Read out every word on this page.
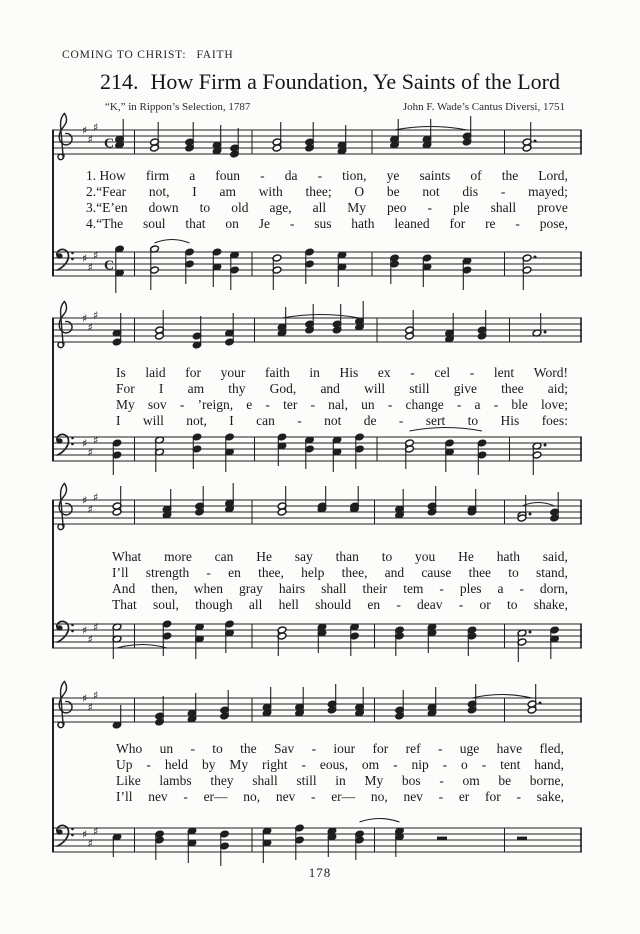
COMING TO CHRIST: FAITH
214. How Firm a Foundation, Ye Saints of the Lord
“K,” in Rippon’s Selection, 1787	John F. Wade’s Cantus Diversi, 1751
♯
♯
♯
C
1. How firm a foun - da - tion, ye saints of the Lord,
2.“Fear not, I am with thee; O be not dis - mayed;
3.“E’en down to old age, all My peo - ple shall prove
4.“The soul that on Je - sus hath leaned for re - pose,
♯
♯
♯
C
♯
♯
♯
Is laid for your faith in His ex - cel - lent Word!
For I am thy God, and will still give thee aid;
My sov - ’reign, e - ter - nal, un - change - a - ble love;
I will not, I can - not de - sert to His foes:
♯
♯
♯
♯
♯
♯
What more can He say than to you He hath said,
I’ll strength - en thee, help thee, and cause thee to stand,
And then, when gray hairs shall their tem - ples a - dorn,
That soul, though all hell should en - deav - or to shake,
♯
♯
♯
♯
♯
♯
Who un - to the Sav - iour for ref - uge have fled,
Up - held by My right - eous, om - nip - o - tent hand,
Like lambs they shall still in My bos - om be borne,
I’ll nev - er— no, nev - er— no, nev - er for - sake,
♯
♯
♯
178
